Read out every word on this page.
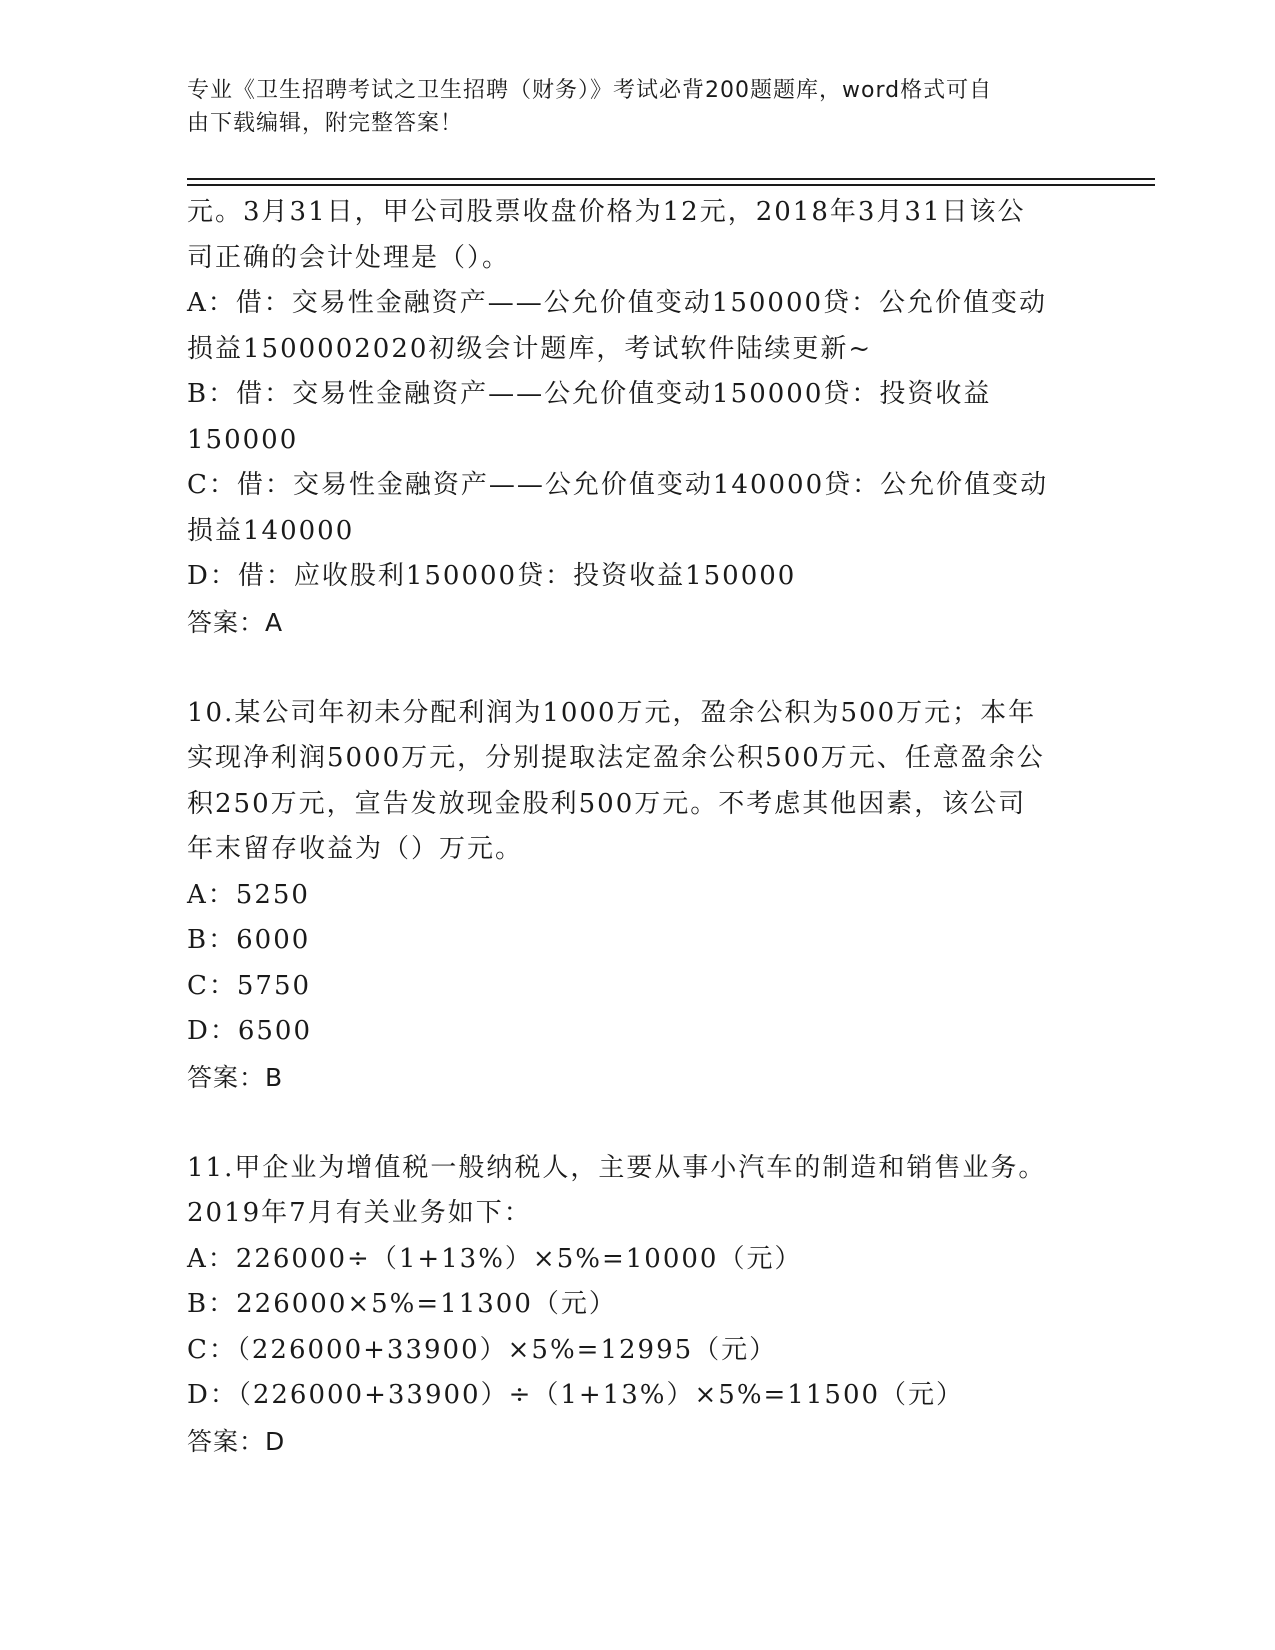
专业《卫生招聘考试之卫生招聘（财务）》考试必背200题题库，word格式可自
由下载编辑，附完整答案！
元。3月31日，甲公司股票收盘价格为12元，2018年3月31日该公
司正确的会计处理是（）。
A：借：交易性金融资产——公允价值变动150000贷：公允价值变动
损益1500002020初级会计题库，考试软件陆续更新~
B：借：交易性金融资产——公允价值变动150000贷：投资收益
150000
C：借：交易性金融资产——公允价值变动140000贷：公允价值变动
损益140000
D：借：应收股利150000贷：投资收益150000
答案：A
10.某公司年初未分配利润为1000万元，盈余公积为500万元；本年
实现净利润5000万元，分别提取法定盈余公积500万元、任意盈余公
积250万元，宣告发放现金股利500万元。不考虑其他因素，该公司
年末留存收益为（）万元。
A：5250
B：6000
C：5750
D：6500
答案：B
11.甲企业为增值税一般纳税人，主要从事小汽车的制造和销售业务。
2019年7月有关业务如下：
A：226000÷（1+13%）×5%=10000（元）
B：226000×5%=11300（元）
C：（226000+33900）×5%=12995（元）
D：（226000+33900）÷（1+13%）×5%=11500（元）
答案：D
